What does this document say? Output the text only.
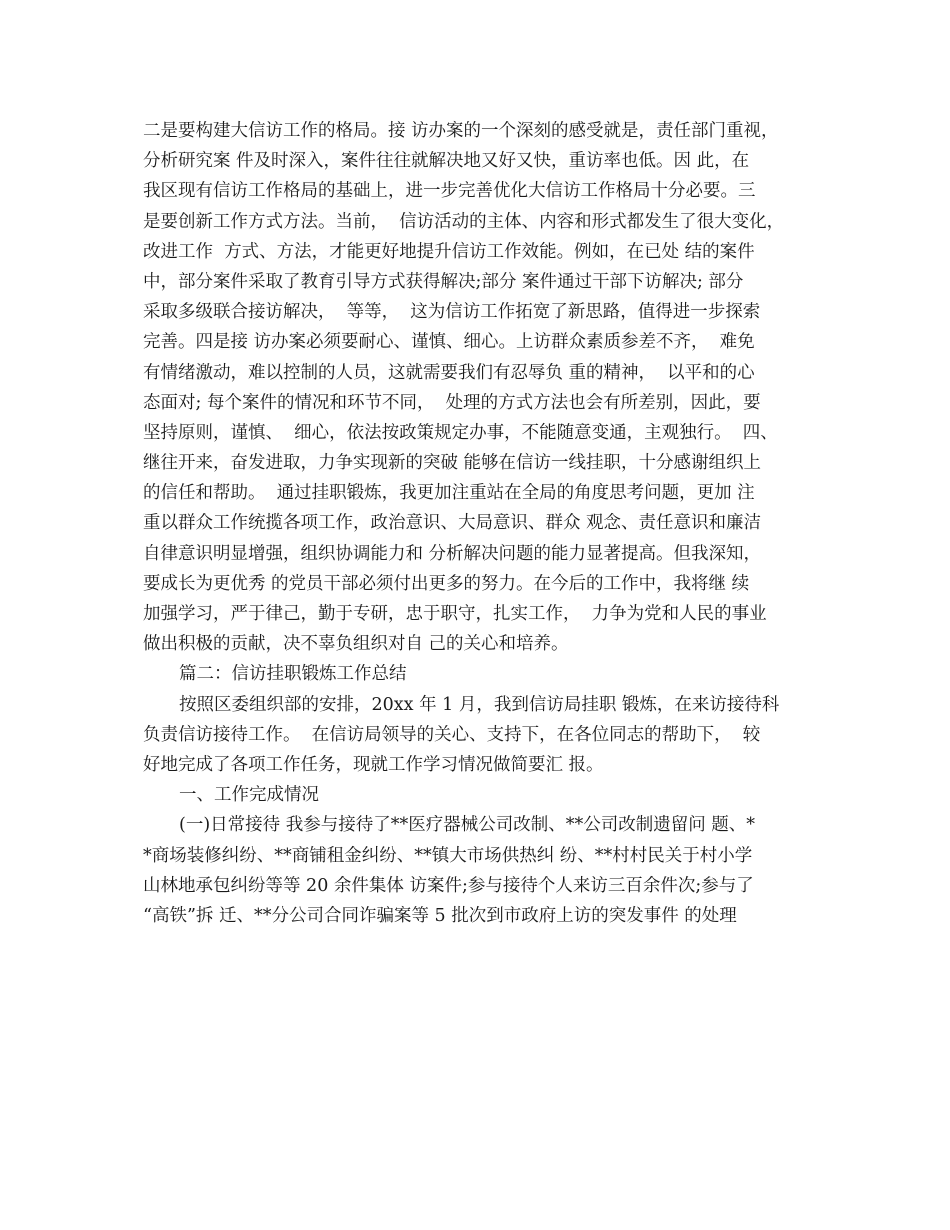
二是要构建大信访工作的格局。接 访办案的一个深刻的感受就是，责任部门重视，
分析研究案 件及时深入，案件往往就解决地又好又快，重访率也低。因 此，在
我区现有信访工作格局的基础上，进一步完善优化大信访工作格局十分必要。三
是要创新工作方式方法。当前，  信访活动的主体、内容和形式都发生了很大变化，
改进工作  方式、方法，才能更好地提升信访工作效能。例如，在已处 结的案件
中，部分案件采取了教育引导方式获得解决;部分 案件通过干部下访解决; 部分
采取多级联合接访解决，  等等，  这为信访工作拓宽了新思路，值得进一步探索
完善。四是接 访办案必须要耐心、谨慎、细心。上访群众素质参差不齐，  难免
有情绪激动，难以控制的人员，这就需要我们有忍辱负 重的精神，  以平和的心
态面对; 每个案件的情况和环节不同，  处理的方式方法也会有所差别，因此，要
坚持原则，谨慎、  细心，依法按政策规定办事，不能随意变通，主观独行。  四、
继往开来，奋发进取，力争实现新的突破 能够在信访一线挂职，十分感谢组织上
的信任和帮助。  通过挂职锻炼，我更加注重站在全局的角度思考问题，更加 注
重以群众工作统揽各项工作，政治意识、大局意识、群众 观念、责任意识和廉洁
自律意识明显增强，组织协调能力和 分析解决问题的能力显著提高。但我深知，
要成长为更优秀 的党员干部必须付出更多的努力。在今后的工作中，我将继 续
加强学习，严于律己，勤于专研，忠于职守，扎实工作，  力争为党和人民的事业
做出积极的贡献，决不辜负组织对自 己的关心和培养。
篇二：信访挂职锻炼工作总结
按照区委组织部的安排，20xx 年 1 月，我到信访局挂职 锻炼，在来访接待科
负责信访接待工作。  在信访局领导的关心、支持下，在各位同志的帮助下，  较
好地完成了各项工作任务，现就工作学习情况做简要汇 报。
一、工作完成情况
(一)日常接待 我参与接待了**医疗器械公司改制、**公司改制遗留问 题、*
*商场装修纠纷、**商铺租金纠纷、**镇大市场供热纠 纷、**村村民关于村小学
山林地承包纠纷等等 20 余件集体 访案件;参与接待个人来访三百余件次;参与了
“高铁”拆 迁、**分公司合同诈骗案等 5 批次到市政府上访的突发事件 的处理
